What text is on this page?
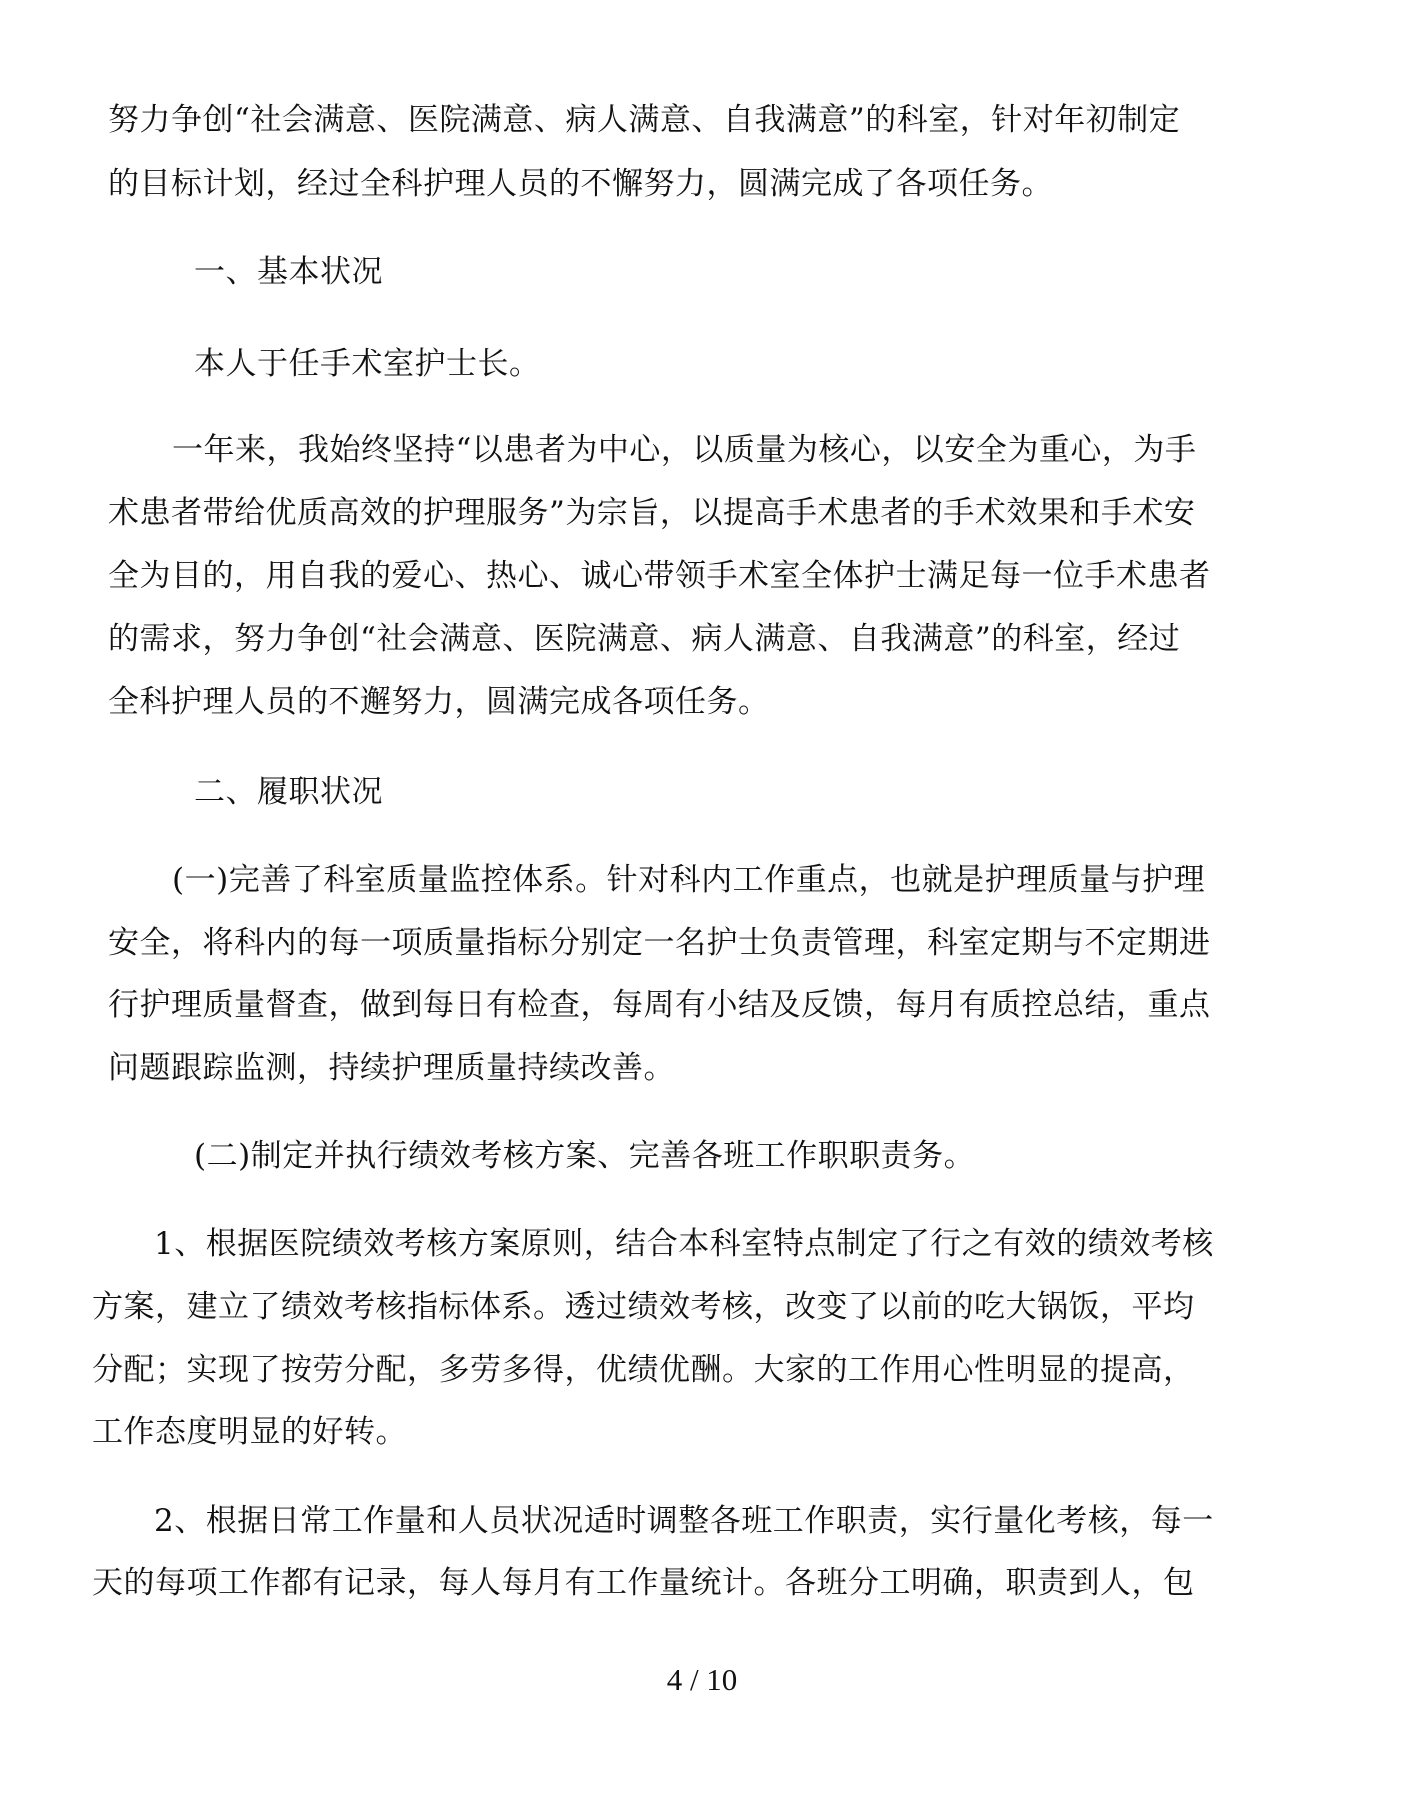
努力争创“社会满意、医院满意、病人满意、自我满意”的科室，针对年初制定
的目标计划，经过全科护理人员的不懈努力，圆满完成了各项任务。
一、基本状况
本人于任手术室护士长。
一年来，我始终坚持“以患者为中心，以质量为核心，以安全为重心，为手
术患者带给优质高效的护理服务”为宗旨，以提高手术患者的手术效果和手术安
全为目的，用自我的爱心、热心、诚心带领手术室全体护士满足每一位手术患者
的需求，努力争创“社会满意、医院满意、病人满意、自我满意”的科室，经过
全科护理人员的不邂努力，圆满完成各项任务。
二、履职状况
(一)完善了科室质量监控体系。针对科内工作重点，也就是护理质量与护理
安全，将科内的每一项质量指标分别定一名护士负责管理，科室定期与不定期进
行护理质量督查，做到每日有检查，每周有小结及反馈，每月有质控总结，重点
问题跟踪监测，持续护理质量持续改善。
(二)制定并执行绩效考核方案、完善各班工作职职责务。
1、根据医院绩效考核方案原则，结合本科室特点制定了行之有效的绩效考核
方案，建立了绩效考核指标体系。透过绩效考核，改变了以前的吃大锅饭，平均
分配；实现了按劳分配，多劳多得，优绩优酬。大家的工作用心性明显的提高，
工作态度明显的好转。
2、根据日常工作量和人员状况适时调整各班工作职责，实行量化考核，每一
天的每项工作都有记录，每人每月有工作量统计。各班分工明确，职责到人，包
4 / 10
